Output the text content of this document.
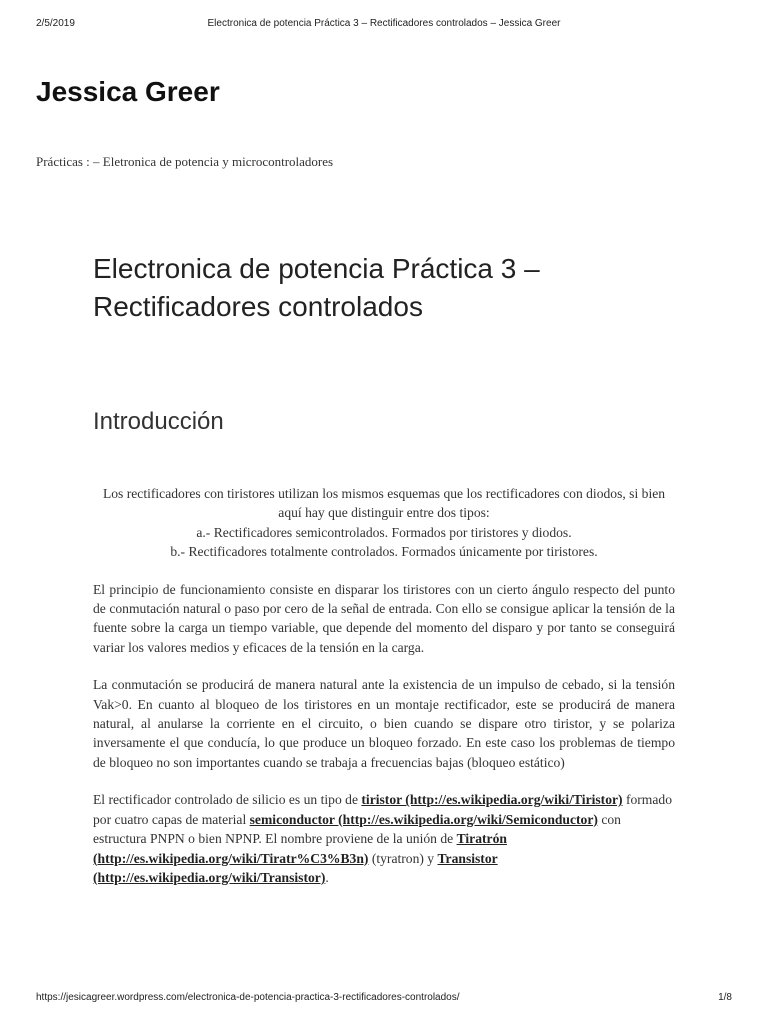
2/5/2019	Electronica de potencia Práctica 3 – Rectificadores controlados – Jessica Greer
Jessica Greer
Prácticas : – Eletronica de potencia y microcontroladores
Electronica de potencia Práctica 3 – Rectificadores controlados
Introducción

Los rectificadores con tiristores utilizan los mismos esquemas que los rectificadores con diodos, si bien aquí hay que distinguir entre dos tipos:
a.- Rectificadores semicontrolados. Formados por tiristores y diodos.
b.- Rectificadores totalmente controlados. Formados únicamente por tiristores.

El principio de funcionamiento consiste en disparar los tiristores con un cierto ángulo respecto del punto de conmutación natural o paso por cero de la señal de entrada. Con ello se consigue aplicar la tensión de la fuente sobre la carga un tiempo variable, que depende del momento del disparo y por tanto se conseguirá variar los valores medios y eficaces de la tensión en la carga.

La conmutación se producirá de manera natural ante la existencia de un impulso de cebado, si la tensión Vak>0. En cuanto al bloqueo de los tiristores en un montaje rectificador, este se producirá de manera natural, al anularse la corriente en el circuito, o bien cuando se dispare otro tiristor, y se polariza inversamente el que conducía, lo que produce un bloqueo forzado. En este caso los problemas de tiempo de bloqueo no son importantes cuando se trabaja a frecuencias bajas (bloqueo estático)

El rectificador controlado de silicio es un tipo de tiristor (http://es.wikipedia.org/wiki/Tiristor) formado por cuatro capas de material semiconductor (http://es.wikipedia.org/wiki/Semiconductor) con estructura PNPN o bien NPNP. El nombre proviene de la unión de Tiratrón (http://es.wikipedia.org/wiki/Tiratr%C3%B3n) (tyratron) y Transistor (http://es.wikipedia.org/wiki/Transistor).

https://jesicagreer.wordpress.com/electronica-de-potencia-practica-3-rectificadores-controlados/	1/8
